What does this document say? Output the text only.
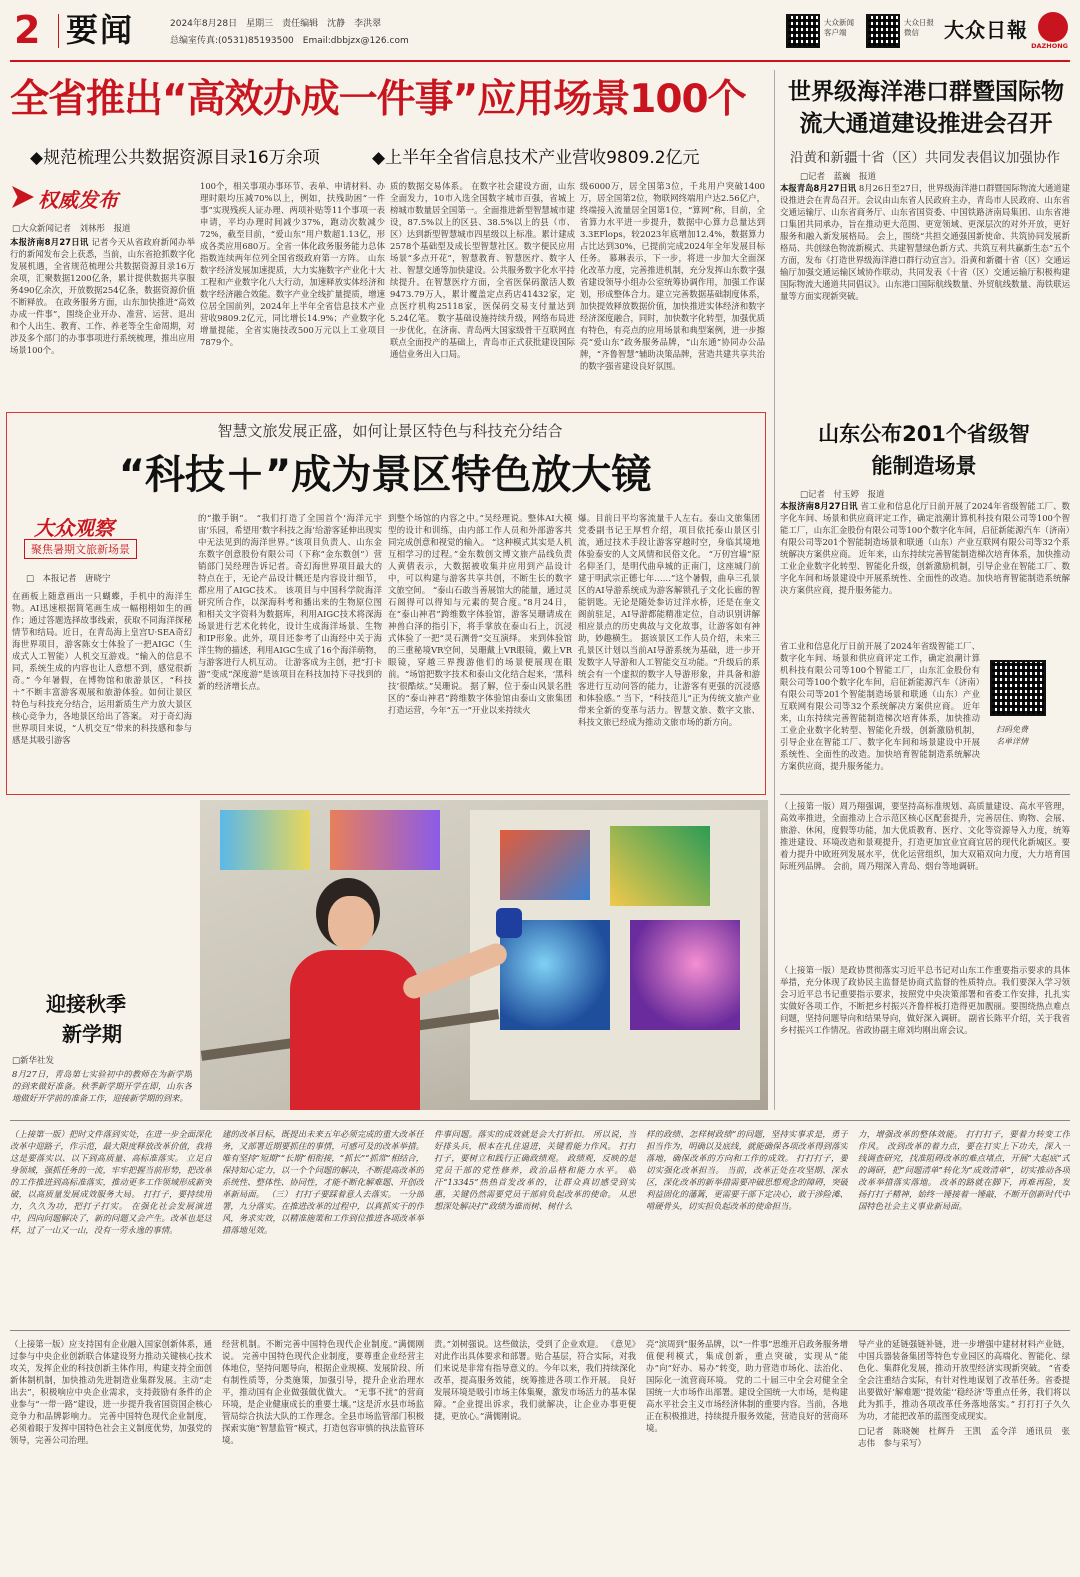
2 要闻	2024年8月28日　星期三　责任编辑　沈静　李洪翠
总编室传真:(0531)85193500　Email:dbbjzx@126.com
大众新闻
客户端
大众日报
微信	大众日報
DAZHONG
全省推出“高效办成一件事”应用场景100个
◆规范梳理公共数据资源目录16万余项	◆上半年全省信息技术产业营收9809.2亿元
权威发布
□大众新闻记者　刘林彤　报道
本报济南8月27日讯 记者今天从省政府新闻办举行的新闻发布会上获悉，当前，山东省抢抓数字化发展机遇，全省规范梳理公共数据资源目录16万余项，汇聚数据1200亿条，累计提供数据共享服务490亿余次，开放数据254亿条，数据资源价值不断释放。 在政务服务方面，山东加快推进“高效办成一件事”，围绕企业开办、准营、运营、退出和个人出生、教育、工作、养老等全生命周期，对涉及多个部门的办事事项进行系统梳理，推出应用场景100个。
100个，相关事项办事环节、表单、申请材料、办理时限均压减70%以上，例如，扶残助困“一件事”实现残疾人证办理、两项补贴等11个事项一表申请，平均办理时间减少37%，跑动次数减少72%，截至目前，“爱山东”用户数超1.13亿，形成各类应用680万。全省一体化政务服务能力总体指数连续两年位列全国省级政府第一方阵。 山东数字经济发展加速提质，大力实施数字产业化十大工程和产业数字化八大行动，加速释放实体经济和数字经济融合效能。数字产业全线扩量提质，增速位居全国前列，2024年上半年全省信息技术产业营收9809.2亿元，同比增长14.9%；产业数字化增量提能，全省实施技改500万元以上工业项目7879个。
质的数据交易体系。 在数字社会建设方面，山东全面发力，10市入选全国数字城市百强，省城上榜城市数量居全国第一。全面推进新型智慧城市建设，87.5%以上的区县、38.5%以上的县（市、区）达到新型智慧城市四星级以上标准。累计建成2578个基础型及成长型智慧社区。数字便民应用场景“多点开花”，智慧教育、智慧医疗、数字人社、智慧交通等加快建设。公共服务数字化水平持续提升。在智慧医疗方面，全省医保码激活人数9473.79万人，累计覆盖定点药店41432家，定点医疗机构25118家，医保码交易支付量达到5.24亿笔。 数字基础设施持续升级，网络布局进一步优化，在济南、青岛两大国家级骨干互联网直联点全面投产的基础上，青岛市正式获批建设国际通信业务出入口局。
级6000万，居全国第3位，千兆用户突破1400万，居全国第2位，物联网终端用户达2.56亿户，终端接入流量居全国第1位，“算网”称，目前，全省算力水平进一步提升，数据中心算力总量达到3.3EFlops，较2023年底增加12.4%，数据算力占比达到30%，已提前完成2024年全年发展目标任务。 慕琳表示，下一步，将进一步加大全面深化改革力度，完善推进机制，充分发挥山东数字强省建设领导小组办公室统筹协调作用，加强工作谋划，形成整体合力。建立完善数据基础制度体系，加快提效释放数据价值，加快推进实体经济和数字经济深度融合，同时，加快数字化转型，加强优质有特色，有亮点的应用场景和典型案例，进一步擦亮“爱山东”政务服务品牌，“山东通”协同办公品牌，“齐鲁智慧”辅助决策品牌，营造共建共享共治的数字强省建设良好氛围。
世界级海洋港口群暨国际物流大通道建设推进会召开
沿黄和新疆十省（区）共同发表倡议加强协作
□记者　蓝巍　报道
本报青岛8月27日讯 8月26日至27日，世界级海洋港口群暨国际物流大通道建设推进会在青岛召开。会议由山东省人民政府主办，青岛市人民政府、山东省交通运输厅、山东省商务厅、山东省国资委、中国铁路济南局集团、山东省港口集团共同承办，旨在推动更大范围、更宽领域、更深层次的对外开放，更好服务和融入新发展格局。 会上，围绕“共担交通强国新使命、共筑协同发展新格局、共创绿色物流新模式、共建智慧绿色新方式、共筑互利共赢新生态”五个方面，发布《打造世界级海洋港口群行动宣言》。沿黄和新疆十省（区）交通运输厅加强交通运输区域协作联动，共同发表《十省（区）交通运输厅积极构建国际物流大通道共同倡议》。山东港口国际航线数量、外贸航线数量、海铁联运量等方面实现新突破。
智慧文旅发展正盛，如何让景区特色与科技充分结合
“科技＋”成为景区特色放大镜
大众观察
聚焦暑期文旅新场景
□　本报记者　唐晓宁
在画板上随意画出一只蝴蝶，手机中的海洋生物。AI迅速根据简笔画生成一幅栩栩如生的画作；通过答题选择故事线索，获取不同海洋探秘情节和结局。近日，在青岛海上皇宫U·SEA奇幻海世界项目，游客陈女士体验了一把AIGC（生成式人工智能）人机交互游戏。“输入的信息不同，系统生成的内容也让人意想不到，感觉很新奇。” 今年暑假，在博物馆和旅游景区，“科技＋”不断丰富游客观展和旅游体验。如何让景区特色与科技充分结合，运用新质生产力放大景区核心竞争力，各地景区给出了答案。 对于奇幻海世界项目来说，“人机交互”带来的科技感和参与感是其吸引游客
的“撒手锏”。 “我们打造了全国首个‘海洋元宇宙’乐园，希望用‘数字科技之海’给游客延伸出现实中无法见到的海洋世界。”该项目负责人、山东金东数字创意股份有限公司（下称“金东数创”）营销部门吴经理告诉记者。奇幻海世界项目最大的特点在于，无论产品设计概还是内容设计细节，都应用了AIGC技术。 该项目与中国科学院海洋研究所合作，以深海科考和播出来的生物原位图和相关文字资料为数据库，利用AIGC技术将深海场景进行艺术化转化，设计生成海洋场景、生物和IP形象。此外，项目还参考了山海经中关于海洋生物的描述，利用AIGC生成了16个海洋萌物，与游客进行人机互动。 让游客成为主创，把“打卡游”变成“深度游”是该项目在科技加持下寻找到的新的经济增长点。
到整个场馆的内容之中。”吴经理说。整体AI大模型的设计和训练，由内部工作人员和外部游客共同完成创意和视觉的输入。 “这种模式其实是人机互相学习的过程。”金东数创文博文旅产品线负责人黄倩表示，大数据被收集并应用到产品设计中，可以构建与游客共享共创，不断生长的数字文旅空间。 “泰山石敢当善展馆大的能量，通过灵石阁得可以得知与元素的契合度。”8月24日，在“泰山神君”跨维数字体验馆，游客吴珊请成在神兽白泽的指引下，将手掌放在泰山石上，沉浸式体验了一把“灵石测骨”交互演绎。 来到体验馆的三重秘境VR空间，吴珊戴上VR眼镜，戴上VR眼镜，穿越三界搜游他们的场景便展现在眼前。“场馆把数字技术和泰山文化结合起来，‘黑科技’很酷炫。”吴珊说。 据了解，位于泰山风景名胜区的“泰山神君”跨维数字体验馆由泰山文旅集团打造运营，今年“五一”开业以来持续火
爆。目前日平均客流量千人左右。泰山文旅集团党委副书记王厚哲介绍，项目依托泰山景区引流，通过技术手段让游客穿越时空，身临其境地体验泰安的人文风情和民俗文化。 “万仞宫墙”原名仰圣门，是明代曲阜城的正南门，这座城门前建于明武宗正德七年……”这个暑假，曲阜三孔景区的AI导游系统成为游客解锁孔子文化长廊的智能钥匙。无论是随处参访过洋水桥，还是在奎文阁前驻足，AI导游都能精准定位，自动识别讲解相应景点的历史典故与文化故事，让游客如有神助，妙趣横生。 据该景区工作人员介绍，未来三孔景区计划以当前AI导游系统为基础，进一步开发数字人导游和人工智能交互功能。“升级后的系统会有一个虚拟的数字人导游形象，并具备和游客进行互动问答的能力，让游客有更强的沉浸感和体验感。” 当下，“科技范儿”正为传统文旅产业带来全新的变革与活力。智慧文旅、数字文旅、科技文旅已经成为推动文旅市场的新方向。
山东公布201个省级智能制造场景
□记者　付玉婷　报道
本报济南8月27日讯 省工业和信息化厅日前开展了2024年省级智能工厂、数字化车间、场景和供应商评定工作，确定浪潮计算机科技有限公司等100个智能工厂，山东汇金股份有限公司等100个数字化车间，启征新能源汽车（济南）有限公司等201个智能制造场景和联通（山东）产业互联网有限公司等32个系统解决方案供应商。 近年来，山东持续完善智能制造梯次培育体系，加快推动工业企业数字化转型、智能化升级，创新激励机制，引导企业在智能工厂、数字化车间和场景建设中开展系统性、全面性的改造。加快培育智能制造系统解决方案供应商，提升服务能力。
扫码免费
名单详情
省工业和信息化厅日前开展了2024年省级智能工厂、数字化车间、场景和供应商评定工作，确定浪潮计算机科技有限公司等100个智能工厂，山东汇金股份有限公司等100个数字化车间，启征新能源汽车（济南）有限公司等201个智能制造场景和联通（山东）产业互联网有限公司等32个系统解决方案供应商。 近年来，山东持续完善智能制造梯次培育体系，加快推动工业企业数字化转型、智能化升级，创新激励机制，引导企业在智能工厂、数字化车间和场景建设中开展系统性、全面性的改造。加快培育智能制造系统解决方案供应商，提升服务能力。
（上接第一版）周乃翔强调，要坚持高标准规划、高质量建设、高水平管理，高效率推进，全面推动上合示范区核心区配套提升，完善居住、购物、会展、旅游、休闲，度假等功能，加大优质教育、医疗、文化等资源导入力度，统筹推进建设、环境改造和景观提升，打造更加宜业宜商宜居的现代化新城区。要着力提升中欧班列发展水平，优化运营组织，加大双箱双向力度，大力培育国际班列品牌。 会前，周乃翔深入青岛、烟台等地调研。
（上接第一版）是政协贯彻落实习近平总书记对山东工作重要指示要求的具体举措，充分体现了政协民主监督是协商式监督的性质特点。我们要深入学习领会习近平总书记重要指示要求，按照党中央决策部署和省委工作安排，扎扎实实做好各项工作，不断把乡村振兴齐鲁样板打造得更加靓丽。要围绕热点难点问题，坚持问题导向和结果导向，做好深入调研。 副省长陈平介绍，关于我省乡村振兴工作情况。省政协副主席刘均刚出席会议。
迎接秋季
新学期
□新华社发
8月27日，青岛第七实验初中的教师在为新学期的到来做好准备。秋季新学期开学在即，山东各地做好开学前的准备工作，迎接新学期的到来。
（上接第一版）把时文件落到实处，在进一步全面深化改革中迎路子，作示范，最大限度释放改革价值，我将这是要落实以、以下到高质量、高标准落实。 立足自身领域，强抓任务的一流，牢牢把握当前形势，把改革的工作推进到高标准落实，推动更多工作领域形成新突破，以高质量发展成效服务大局。 打打子，要持续用力，久久为功，把打子打实。 在强化社会发展演进中，四向问题解决了，新的问题又会产生。改革也是这样，过了一山又一山，没有一劳永逸的事情。
建的改革目标，既提出未来五年必须完成的重大改革任务，又部署近期要抓住的事情，可感可及的改革举措。 唯有坚持“短期”“长期”相衔接，“抓长”“抓常”相结合，保持知心定力，以一个个问题的解决，不断提高改革的系统性、整体性、协同性，才能不断化解难题、开创改革新局面。 （三） 打打子要踩着意人去落实。 一分部署，九分落实。在推进改革的过程中，以真抓实干的作风，务求实效，以精准施策和工作到位推进各项改革举措落地见效。
件事问题。落实的成效就是会大打折扣。 所以说，当好排头兵，根本在扎住退进，关键看能力作风。 打打打子，要树立和践行正确政绩观。 政绩观，反映的是党员干部的党性修养，政治品格和能力水平。 临汗“13345”热热首发改革的，让群众真切感受到实惠，关键仍然需要党员干部肩负起改革的使命。 从思想深处解决打“政绩为谁而树、树什么
样的政绩、怎样树政绩”的问题，坚持实事求是，勇于担当作为，明确以及底线，就能确保各项改革得到落实落地，确保改革的方向和工作的成效。 打打打子，要切实强化改革担当。 当前，改革正处在攻坚期、深水区，深化改革的新举措需要冲破思想观念的障碍，突破利益固化的藩篱，更需要干部下定决心，敢于涉险滩、啃硬骨头，切实担负起改革的使命担当。
力，增强改革的整体效能。 打打打子，要着力转变工作作风。 改到改革的着力点，要在打实上下功夫，深入一线调查研究，找准阻碍改革的难点堵点，开展“大起底”式的调研，把“问题清单”转化为“成效清单”，切实推动各项改革举措落实落地。 改革的路就在脚下，再难再险，发扬打打子精神，始终一锤接着一锤敲，不断开创新时代中国特色社会主义事业新局面。
（上接第一版）应支持国有企业融入国家创新体系，通过参与中央企业创新联合体建设努力推动关键核心技术攻关，发挥企业的科技创新主体作用，构建支持全面创新体制机制，加快推动先进制造业集群发展。主动“走出去”，积极响应中央企业需求，支持鼓励有条件的企业参与“一带一路”建设，进一步提升我省国资国企核心竞争力和品牌影响力。 完善中国特色现代企业制度，必须着眼于发挥中国特色社会主义制度优势，加强党的领导，完善公司治理。
经营机制。不断完善中国特色现代企业制度。”满儒刚说。 完善中国特色现代企业制度，要尊重企业经营主体地位，坚持问题导向，根据企业规模、发展阶段、所有制性质等，分类施策，加强引导，提升企业治理水平，推动国有企业做强做优做大。 “无事不扰”的营商环境，是企业健康成长的重要土壤。”这是沂水县市场监管局综合执法大队的工作理念。全县市场监管部门积极探索实施“智慧监管”模式，打造包容审慎的执法监管环境。
责。”刘树强说。这些做法，受到了企业欢迎。 《意见》对此作出具体要求和部署。贴合基层，符合实际，对我们来说是非常有指导意义的。今年以来，我们持续深化改革，提高服务效能，统筹推进各项工作开展。 良好发展环境是吸引市场主体集聚，激发市场活力的基本保障。“企业提出诉求，我们就解决，让企业办事更便捷，更放心。”满儒刚说。
亮“滨周到”服务品牌，以“一件事”思维开启政务服务增值便利模式，集成创新，重点突破，实现从“能办”向“好办、易办”转变，助力营造市场化、法治化、国际化一流营商环境。 党的二十届三中全会对健全全国统一大市场作出部署。建设全国统一大市场，是构建高水平社会主义市场经济体制的重要内容。当前，各地正在积极推进，持续提升服务效能，营造良好的营商环境。
导产业的延链强链补链，进一步增强中建材材料产业链，中国兵器装备集团等特色专业园区的高端化、智能化、绿色化、集群化发展，推动开放型经济实现新突破。 “省委全会注重结合实际，有针对性地谋划了改革任务。省委提出要做好‘解难题’‘提效能’‘稳经济’等重点任务，我们将以此为抓手，推动各项改革任务落地落实。” 打打打子久久为功，才能把改革的蓝图变成现实。
□记者　陈晓婉　杜辉升　王凯　孟令洋　通讯员　张志伟　参与采写）
